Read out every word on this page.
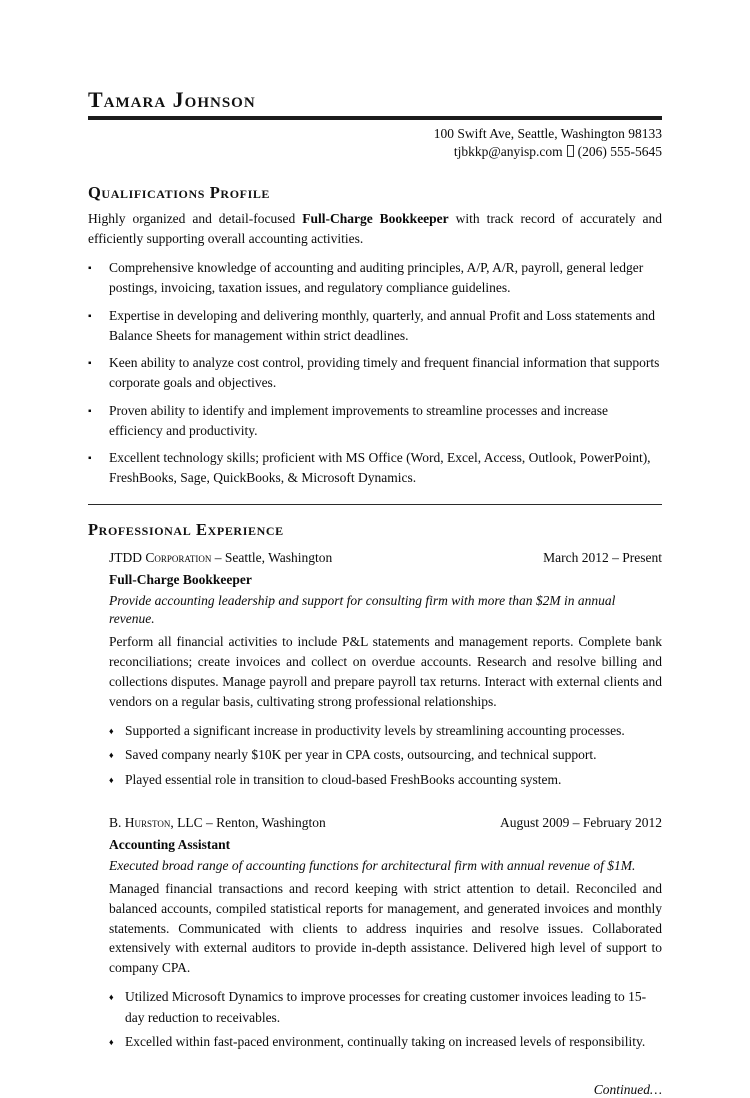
Tamara Johnson
100 Swift Ave, Seattle, Washington 98133
tjbkkp@anyisp.com (206) 555-5645
Qualifications Profile

Highly organized and detail-focused Full-Charge Bookkeeper with track record of accurately and efficiently supporting overall accounting activities.

▪	Comprehensive knowledge of accounting and auditing principles, A/P, A/R, payroll, general ledger postings, invoicing, taxation issues, and regulatory compliance guidelines.
▪	Expertise in developing and delivering monthly, quarterly, and annual Profit and Loss statements and Balance Sheets for management within strict deadlines.
▪	Keen ability to analyze cost control, providing timely and frequent financial information that supports corporate goals and objectives.
▪	Proven ability to identify and implement improvements to streamline processes and increase efficiency and productivity.
▪	Excellent technology skills; proficient with MS Office (Word, Excel, Access, Outlook, PowerPoint), FreshBooks, Sage, QuickBooks, & Microsoft Dynamics.
Professional Experience
JTDD Corporation – Seattle, Washington	March 2012 – Present
Full-Charge Bookkeeper
Provide accounting leadership and support for consulting firm with more than $2M in annual revenue.

Perform all financial activities to include P&L statements and management reports. Complete bank reconciliations; create invoices and collect on overdue accounts. Research and resolve billing and collections disputes. Manage payroll and prepare payroll tax returns. Interact with external clients and vendors on a regular basis, cultivating strong professional relationships.

♦ Supported a significant increase in productivity levels by streamlining accounting processes.
♦ Saved company nearly $10K per year in CPA costs, outsourcing, and technical support.
♦ Played essential role in transition to cloud-based FreshBooks accounting system.
B. Hurston, LLC – Renton, Washington	August 2009 – February 2012
Accounting Assistant
Executed broad range of accounting functions for architectural firm with annual revenue of $1M.

Managed financial transactions and record keeping with strict attention to detail. Reconciled and balanced accounts, compiled statistical reports for management, and generated invoices and monthly statements. Communicated with clients to address inquiries and resolve issues. Collaborated extensively with external auditors to provide in-depth assistance. Delivered high level of support to company CPA.

♦ Utilized Microsoft Dynamics to improve processes for creating customer invoices leading to 15-day reduction to receivables.
♦ Excelled within fast-paced environment, continually taking on increased levels of responsibility.
Continued…
